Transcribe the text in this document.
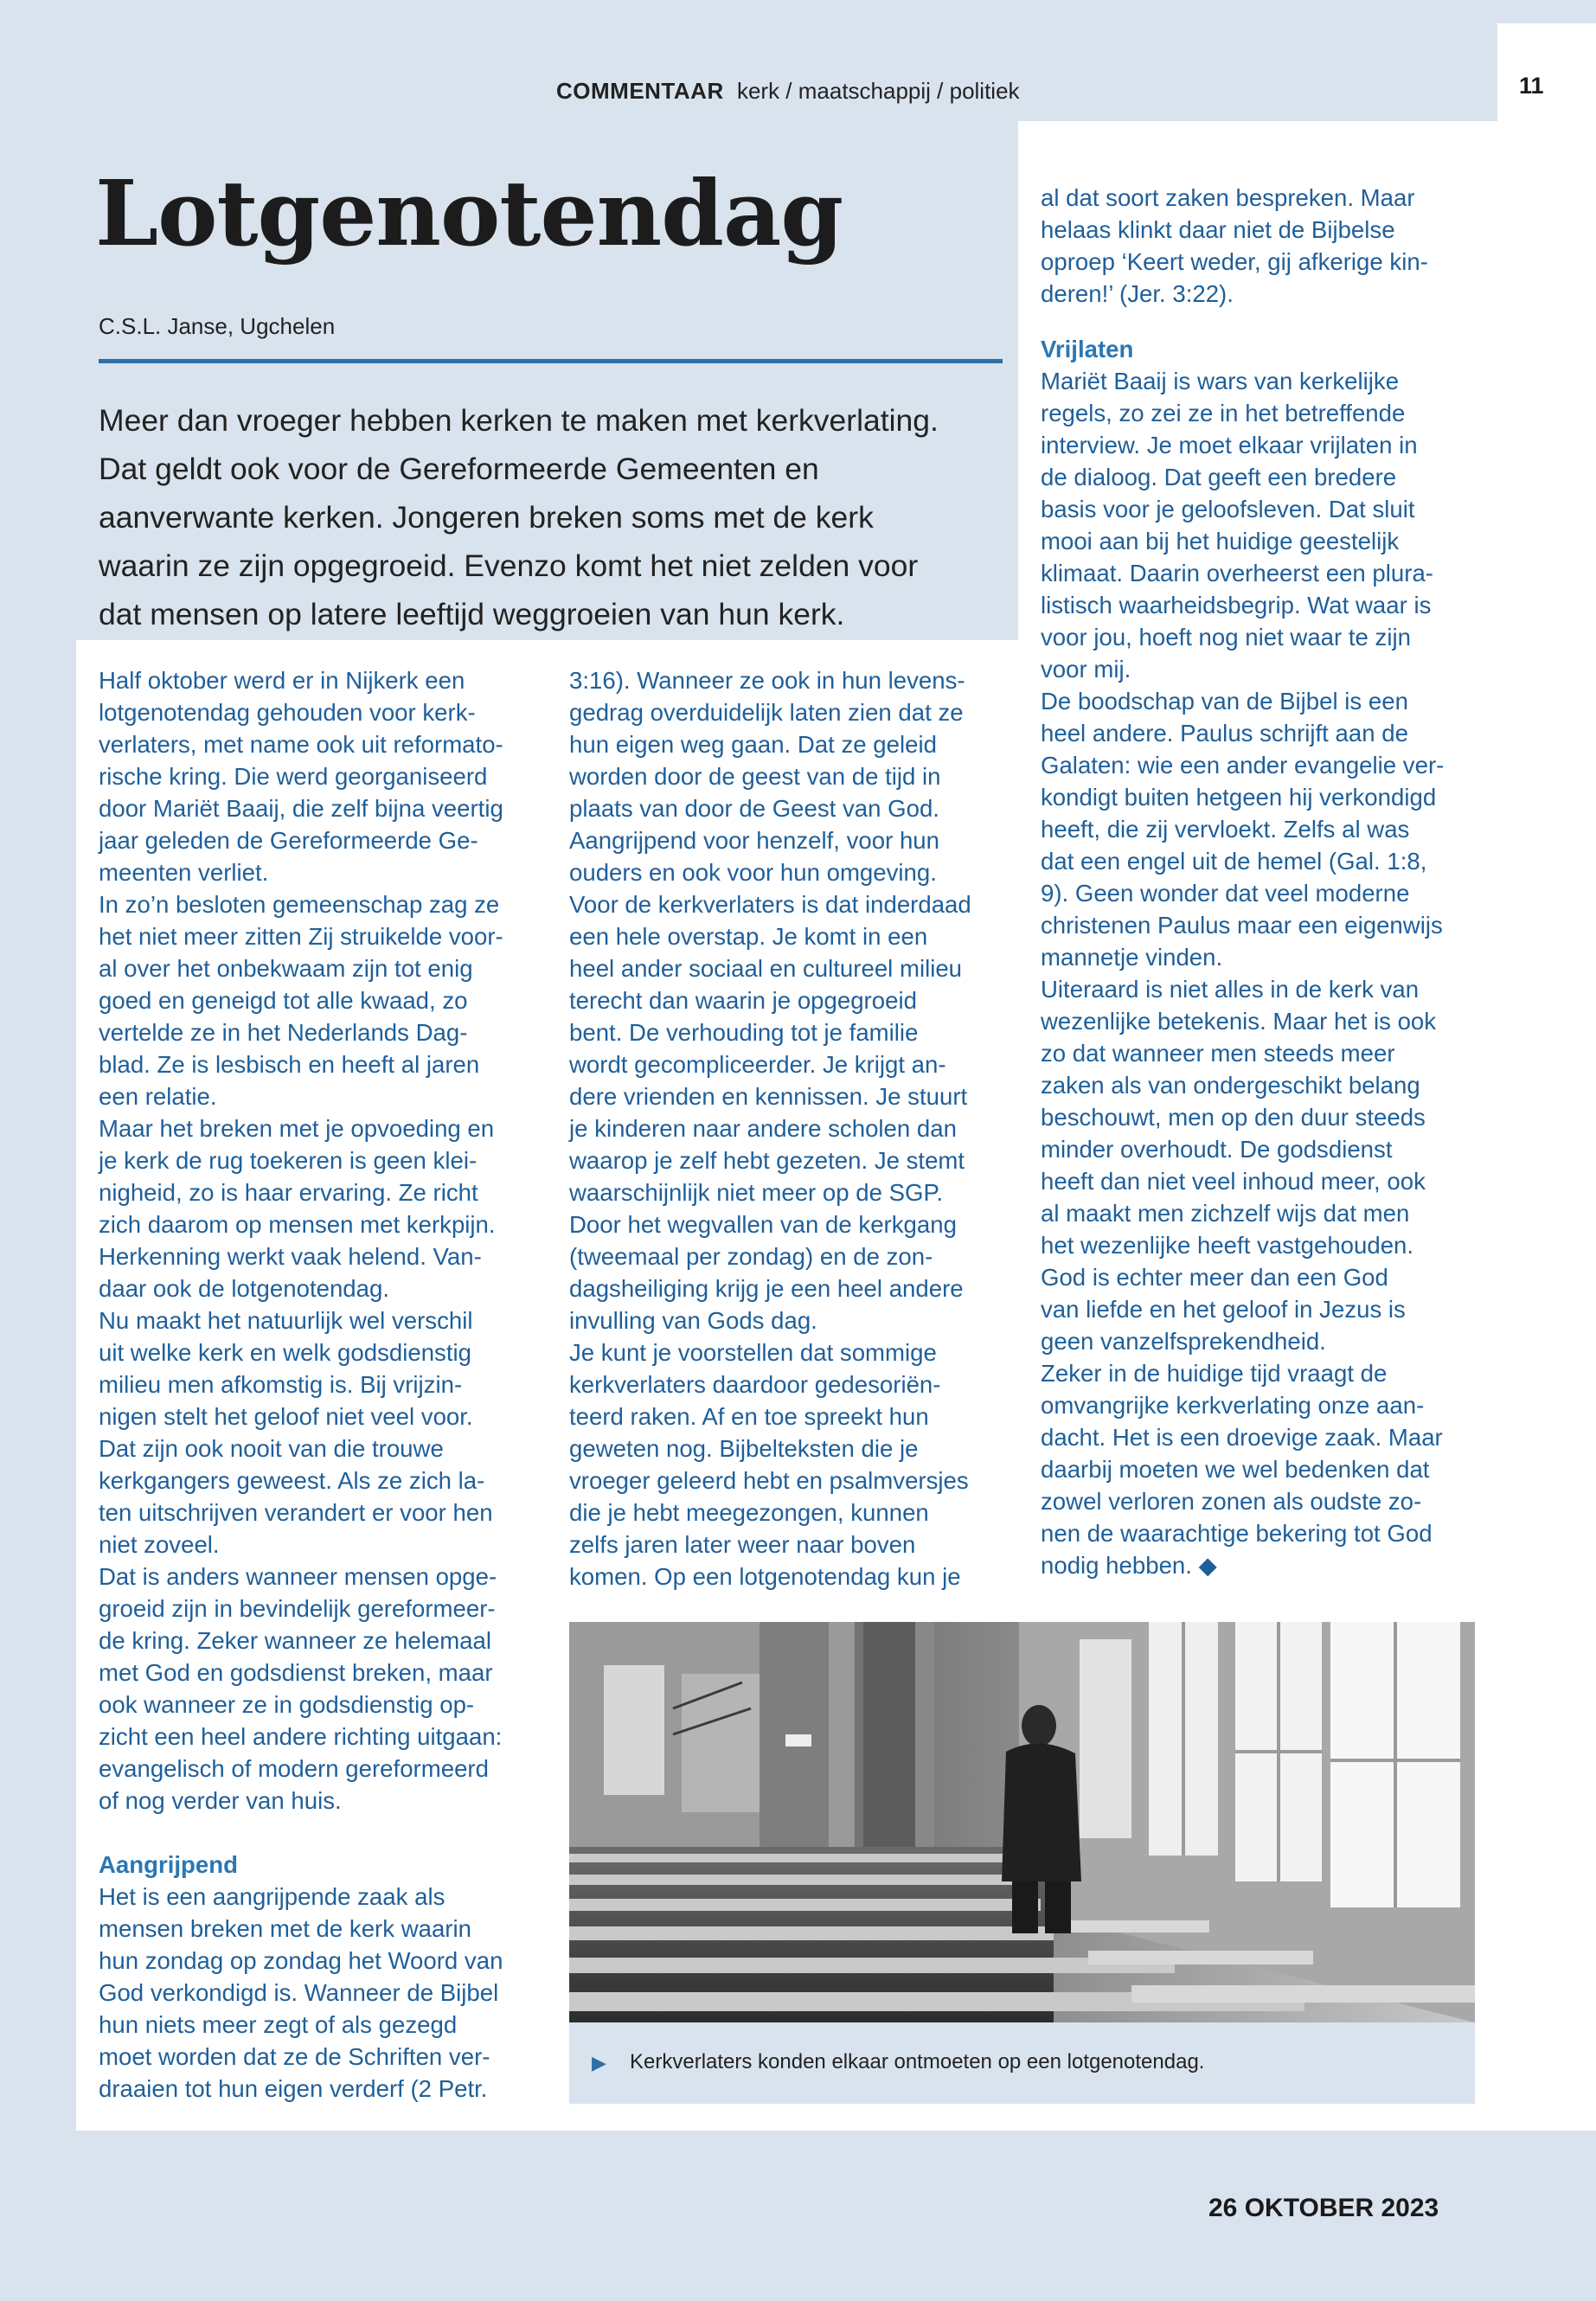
COMMENTAAR kerk / maatschappij / politiek	11
Lotgenotendag
C.S.L. Janse, Ugchelen
Meer dan vroeger hebben kerken te maken met kerkverlating.
Dat geldt ook voor de Gereformeerde Gemeenten en
aanverwante kerken. Jongeren breken soms met de kerk
waarin ze zijn opgegroeid. Evenzo komt het niet zelden voor
dat mensen op latere leeftijd weggroeien van hun kerk.

Half oktober werd er in Nijkerk een

lotgenotendag gehouden voor kerk-

verlaters, met name ook uit reformato-

rische kring. Die werd georganiseerd

door Mariët Baaij, die zelf bijna veertig

jaar geleden de Gereformeerde Ge-

meenten verliet.

In zo’n besloten gemeenschap zag ze

het niet meer zitten Zij struikelde voor-

al over het onbekwaam zijn tot enig

goed en geneigd tot alle kwaad, zo

vertelde ze in het Nederlands Dag-

blad. Ze is lesbisch en heeft al jaren

een relatie.

Maar het breken met je opvoeding en

je kerk de rug toekeren is geen klei-

nigheid, zo is haar ervaring. Ze richt

zich daarom op mensen met kerkpijn.

Herkenning werkt vaak helend. Van-

daar ook de lotgenotendag.

Nu maakt het natuurlijk wel verschil

uit welke kerk en welk godsdienstig

milieu men afkomstig is. Bij vrijzin-

nigen stelt het geloof niet veel voor.

Dat zijn ook nooit van die trouwe

kerkgangers geweest. Als ze zich la-

ten uitschrijven verandert er voor hen

niet zoveel.

Dat is anders wanneer mensen opge-

groeid zijn in bevindelijk gereformeer-

de kring. Zeker wanneer ze helemaal

met God en godsdienst breken, maar

ook wanneer ze in godsdienstig op-

zicht een heel andere richting uitgaan:

evangelisch of modern gereformeerd

of nog verder van huis.

Aangrijpend

Het is een aangrijpende zaak als

mensen breken met de kerk waarin

hun zondag op zondag het Woord van

God verkondigd is. Wanneer de Bijbel

hun niets meer zegt of als gezegd

moet worden dat ze de Schriften ver-

draaien tot hun eigen verderf (2 Petr.

3:16). Wanneer ze ook in hun levens-

gedrag overduidelijk laten zien dat ze

hun eigen weg gaan. Dat ze geleid

worden door de geest van de tijd in

plaats van door de Geest van God.

Aangrijpend voor henzelf, voor hun

ouders en ook voor hun omgeving.

Voor de kerkverlaters is dat inderdaad

een hele overstap. Je komt in een

heel ander sociaal en cultureel milieu

terecht dan waarin je opgegroeid

bent. De verhouding tot je familie

wordt gecompliceerder. Je krijgt an-

dere vrienden en kennissen. Je stuurt

je kinderen naar andere scholen dan

waarop je zelf hebt gezeten. Je stemt

waarschijnlijk niet meer op de SGP.

Door het wegvallen van de kerkgang

(tweemaal per zondag) en de zon-

dagsheiliging krijg je een heel andere

invulling van Gods dag.

Je kunt je voorstellen dat sommige

kerkverlaters daardoor gedesoriën-

teerd raken. Af en toe spreekt hun

geweten nog. Bijbelteksten die je

vroeger geleerd hebt en psalmversjes

die je hebt meegezongen, kunnen

zelfs jaren later weer naar boven

komen. Op een lotgenotendag kun je

al dat soort zaken bespreken. Maar

helaas klinkt daar niet de Bijbelse

oproep ‘Keert weder, gij afkerige kin-

deren!’ (Jer. 3:22).

Vrijlaten

Mariët Baaij is wars van kerkelijke

regels, zo zei ze in het betreffende

interview. Je moet elkaar vrijlaten in

de dialoog. Dat geeft een bredere

basis voor je geloofsleven. Dat sluit

mooi aan bij het huidige geestelijk

klimaat. Daarin overheerst een plura-

listisch waarheidsbegrip. Wat waar is

voor jou, hoeft nog niet waar te zijn

voor mij.

De boodschap van de Bijbel is een

heel andere. Paulus schrijft aan de

Galaten: wie een ander evangelie ver-

kondigt buiten hetgeen hij verkondigd

heeft, die zij vervloekt. Zelfs al was

dat een engel uit de hemel (Gal. 1:8,

9). Geen wonder dat veel moderne

christenen Paulus maar een eigenwijs

mannetje vinden.

Uiteraard is niet alles in de kerk van

wezenlijke betekenis. Maar het is ook

zo dat wanneer men steeds meer

zaken als van ondergeschikt belang

beschouwt, men op den duur steeds

minder overhoudt. De godsdienst

heeft dan niet veel inhoud meer, ook

al maakt men zichzelf wijs dat men

het wezenlijke heeft vastgehouden.

God is echter meer dan een God

van liefde en het geloof in Jezus is

geen vanzelfsprekendheid.

Zeker in de huidige tijd vraagt de

omvangrijke kerkverlating onze aan-

dacht. Het is een droevige zaak. Maar

daarbij moeten we wel bedenken dat

zowel verloren zonen als oudste zo-

nen de waarachtige bekering tot God

nodig hebben. ◆

▶ Kerkverlaters konden elkaar ontmoeten op een lotgenotendag.
26 OKTOBER 2023
